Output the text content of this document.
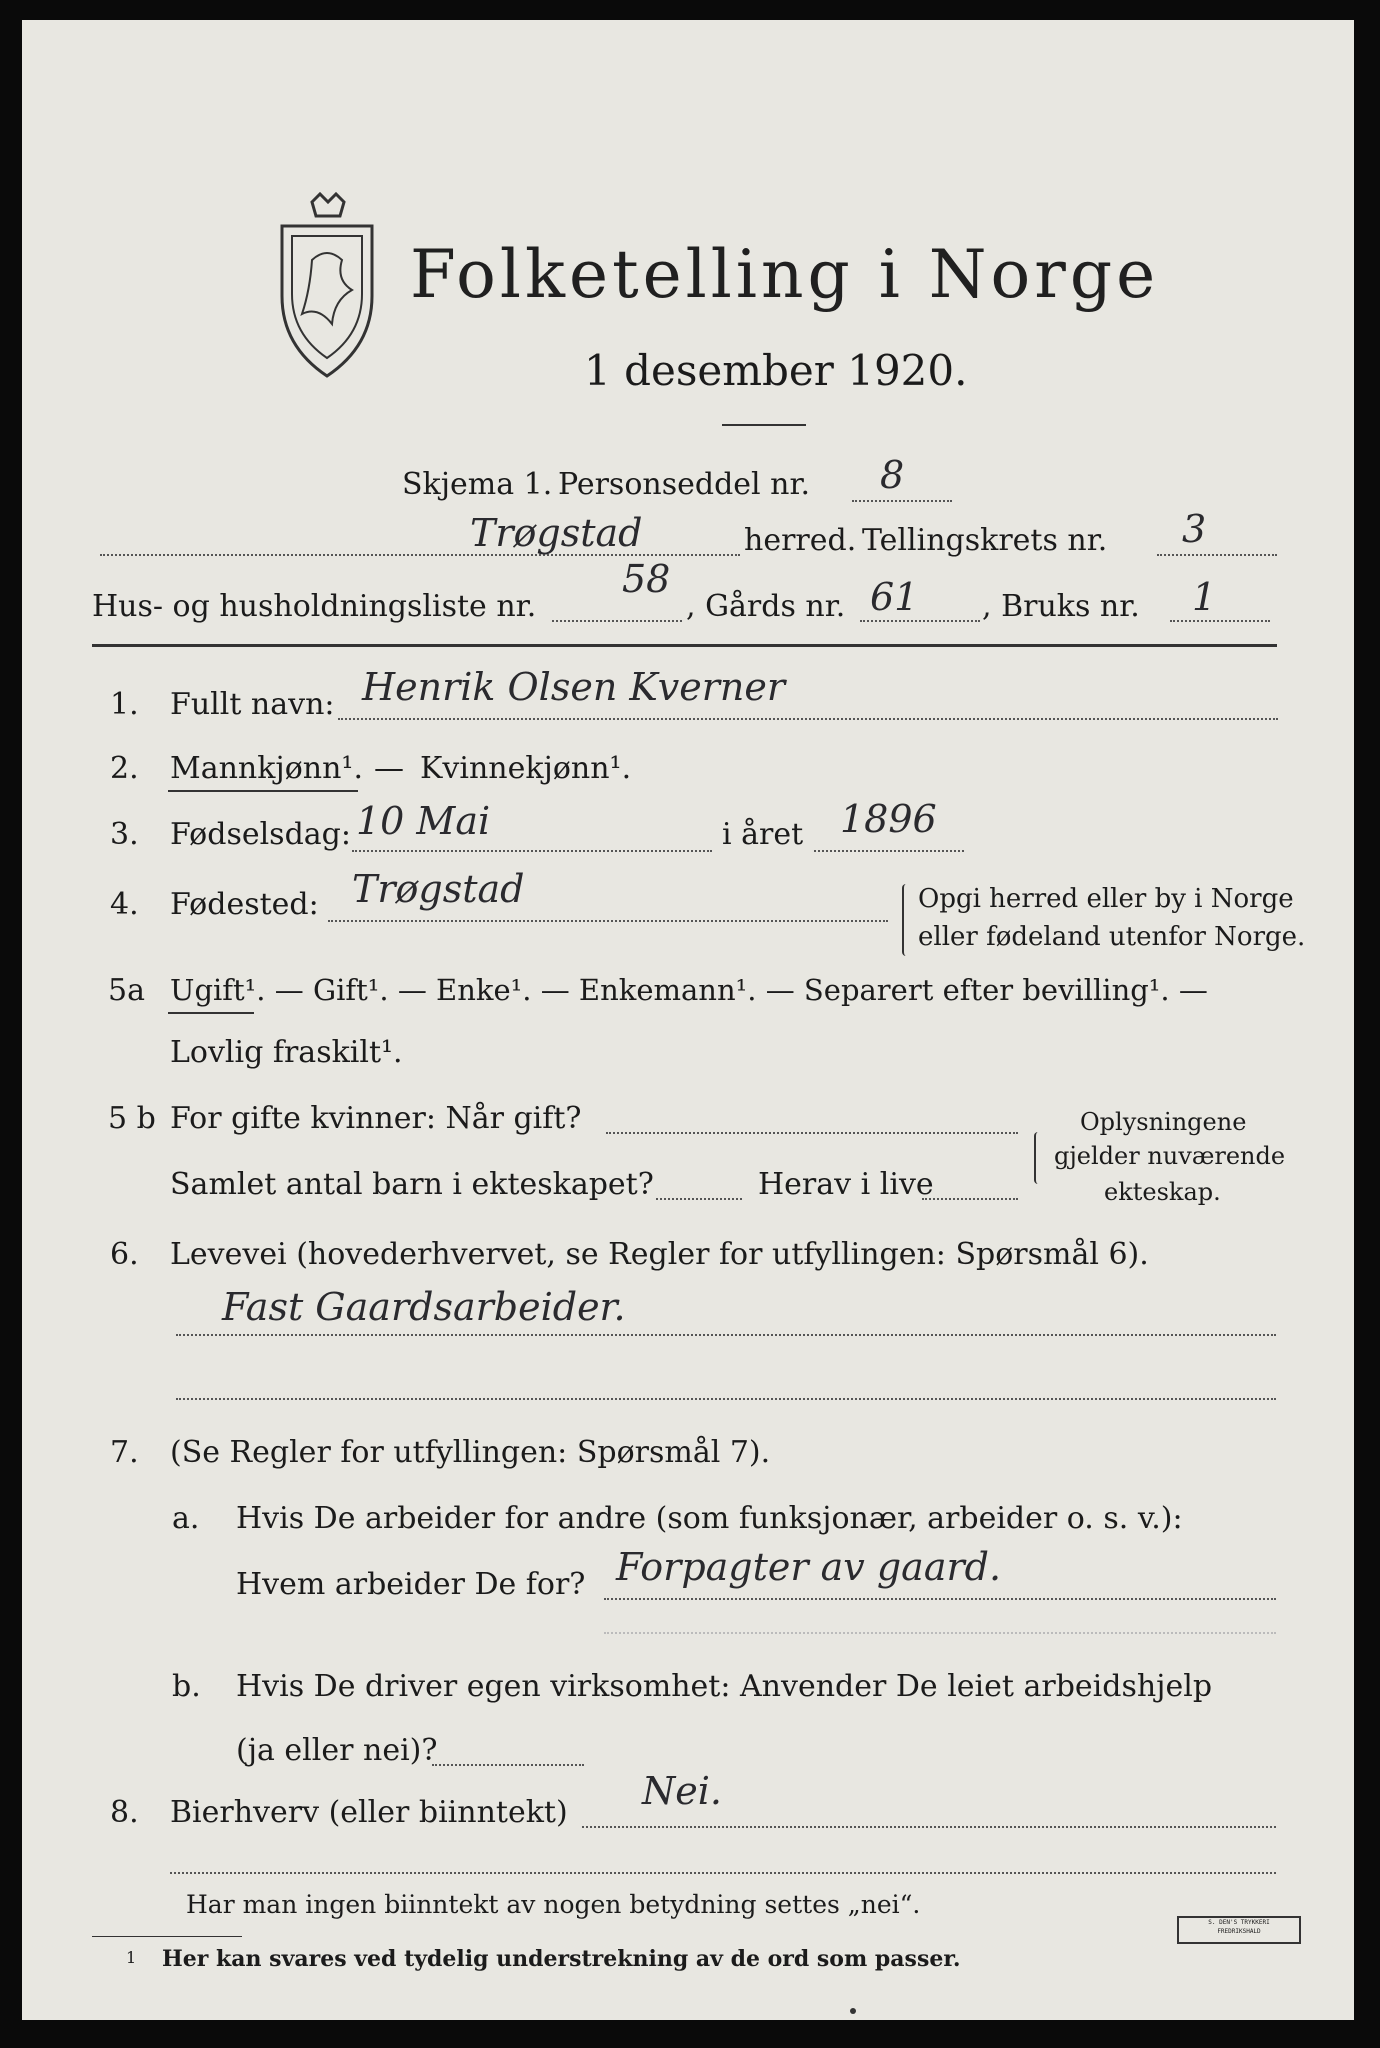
Folketelling i Norge
1 desember 1920.
Skjema 1. Personseddel nr. 8
Trøgstad	herred. Tellingskrets nr. 3
Hus- og husholdningsliste nr.
58
, Gårds nr. 61 , Bruks nr. 1
1. Fullt navn: Henrik Olsen Kverner
2. Mannkjønn¹. — Kvinnekjønn¹.
3. Fødselsdag: 10 Mai	i året 1896
4. Fødested: Trøgstad	Opgi herred eller by i Norge
eller fødeland utenfor Norge.
5a Ugift¹. — Gift¹. — Enke¹. — Enkemann¹. — Separert efter bevilling¹. —
Lovlig fraskilt¹.
5 b For gifte kvinner: Når gift?
Samlet antal barn i ekteskapet?	Herav i live
Oplysningene
gjelder nuværende
ekteskap.
6. Levevei (hovederhvervet, se Regler for utfyllingen: Spørsmål 6).
Fast Gaardsarbeider.
7. (Se Regler for utfyllingen: Spørsmål 7).
a. Hvis De arbeider for andre (som funksjonær, arbeider o. s. v.):
Hvem arbeider De for? Forpagter av gaard.
b. Hvis De driver egen virksomhet: Anvender De leiet arbeidshjelp
(ja eller nei)?
8. Bierhverv (eller biinntekt) Nei.
Har man ingen biinntekt av nogen betydning settes „nei“.
1 Her kan svares ved tydelig understrekning av de ord som passer.
S. DEN'S TRYKKERI
FREDRIKSHALD
